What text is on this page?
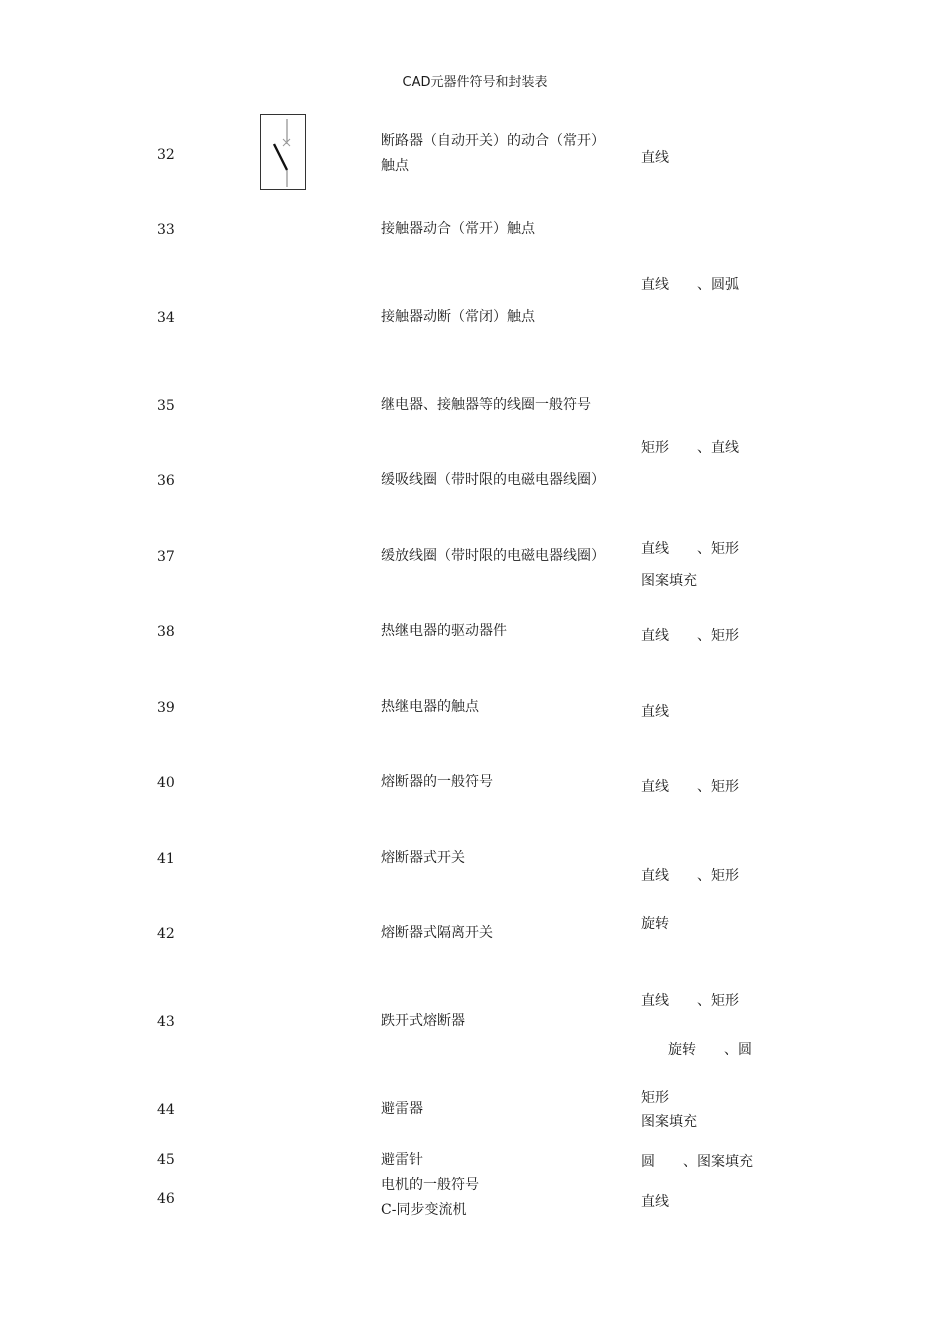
CAD元器件符号和封装表
32
33
34
35
36
37
38
39
40
41
42
43
44
45
46
断路器（自动开关）的动合（常开）
触点
接触器动合（常开）触点
接触器动断（常闭）触点
继电器、接触器等的线圈一般符号
缓吸线圈（带时限的电磁电器线圈）
缓放线圈（带时限的电磁电器线圈）
热继电器的驱动器件
热继电器的触点
熔断器的一般符号
熔断器式开关
熔断器式隔离开关
跌开式熔断器
避雷器
避雷针
电机的一般符号
C-同步变流机
直线
直线　　、圆弧
矩形　　、直线
直线　　、矩形
图案填充
直线　　、矩形
直线
直线　　、矩形
直线　　、矩形
旋转
直线　　、矩形
旋转　　、圆
矩形
图案填充
圆　　、图案填充
直线
